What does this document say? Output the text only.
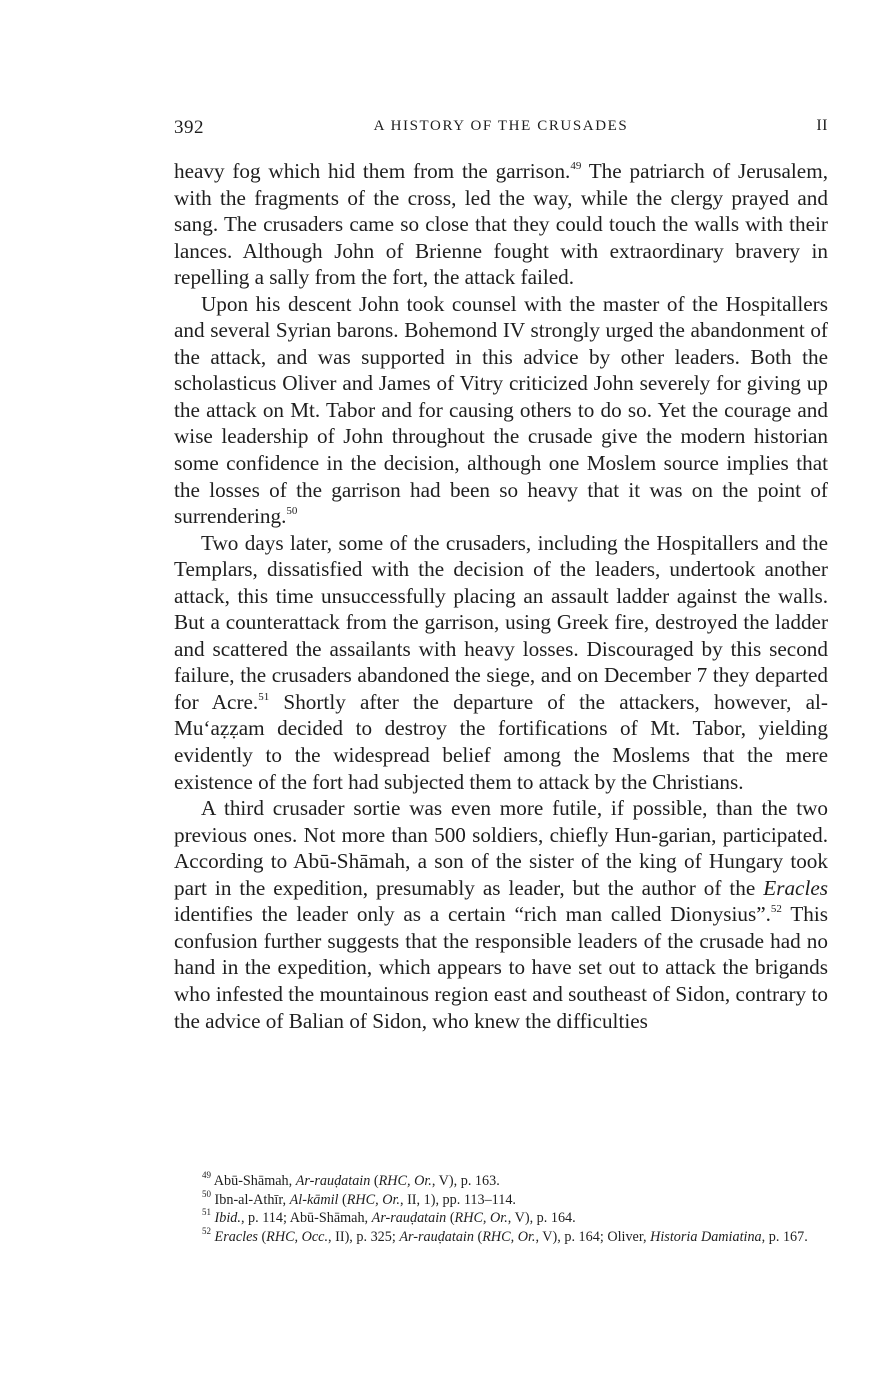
392	A HISTORY OF THE CRUSADES	II

heavy fog which hid them from the garrison.$^{49}$ The patriarch of Jerusalem, with the fragments of the cross, led the way, while the clergy prayed and sang. The crusaders came so close that they could touch the walls with their lances. Although John of Brienne fought with extraordinary bravery in repelling a sally from the fort, the attack failed.

Upon his descent John took counsel with the master of the Hospitallers and several Syrian barons. Bohemond IV strongly urged the abandonment of the attack, and was supported in this advice by other leaders. Both the scholasticus Oliver and James of Vitry criticized John severely for giving up the attack on Mt. Tabor and for causing others to do so. Yet the courage and wise leadership of John throughout the crusade give the modern historian some confidence in the decision, although one Moslem source implies that the losses of the garrison had been so heavy that it was on the point of surrendering.$^{50}$

Two days later, some of the crusaders, including the Hospitallers and the Templars, dissatisfied with the decision of the leaders, undertook another attack, this time unsuccessfully placing an assault ladder against the walls. But a counterattack from the garrison, using Greek fire, destroyed the ladder and scattered the assailants with heavy losses. Discouraged by this second failure, the crusaders abandoned the siege, and on December 7 they departed for Acre.$^{51}$ Shortly after the departure of the attackers, however, al-Mu‘aẓẓam decided to destroy the fortifications of Mt. Tabor, yielding evidently to the widespread belief among the Moslems that the mere existence of the fort had subjected them to attack by the Christians.

A third crusader sortie was even more futile, if possible, than the two previous ones. Not more than 500 soldiers, chiefly Hun-garian, participated. According to Abū-Shāmah, a son of the sister of the king of Hungary took part in the expedition, presumably as leader, but the author of the Eracles identifies the leader only as a certain “rich man called Dionysius”.$^{52}$ This confusion further suggests that the responsible leaders of the crusade had no hand in the expedition, which appears to have set out to attack the brigands who infested the mountainous region east and southeast of Sidon, contrary to the advice of Balian of Sidon, who knew the difficulties

$^{49}$ Abū-Shāmah, Ar-rauḍatain (RHC, Or., V), p. 163.

$^{50}$ Ibn-al-Athīr, Al-kāmil (RHC, Or., II, 1), pp. 113–114.

$^{51}$ Ibid., p. 114; Abū-Shāmah, Ar-rauḍatain (RHC, Or., V), p. 164.

$^{52}$ Eracles (RHC, Occ., II), p. 325; Ar-rauḍatain (RHC, Or., V), p. 164; Oliver, Historia Damiatina, p. 167.
